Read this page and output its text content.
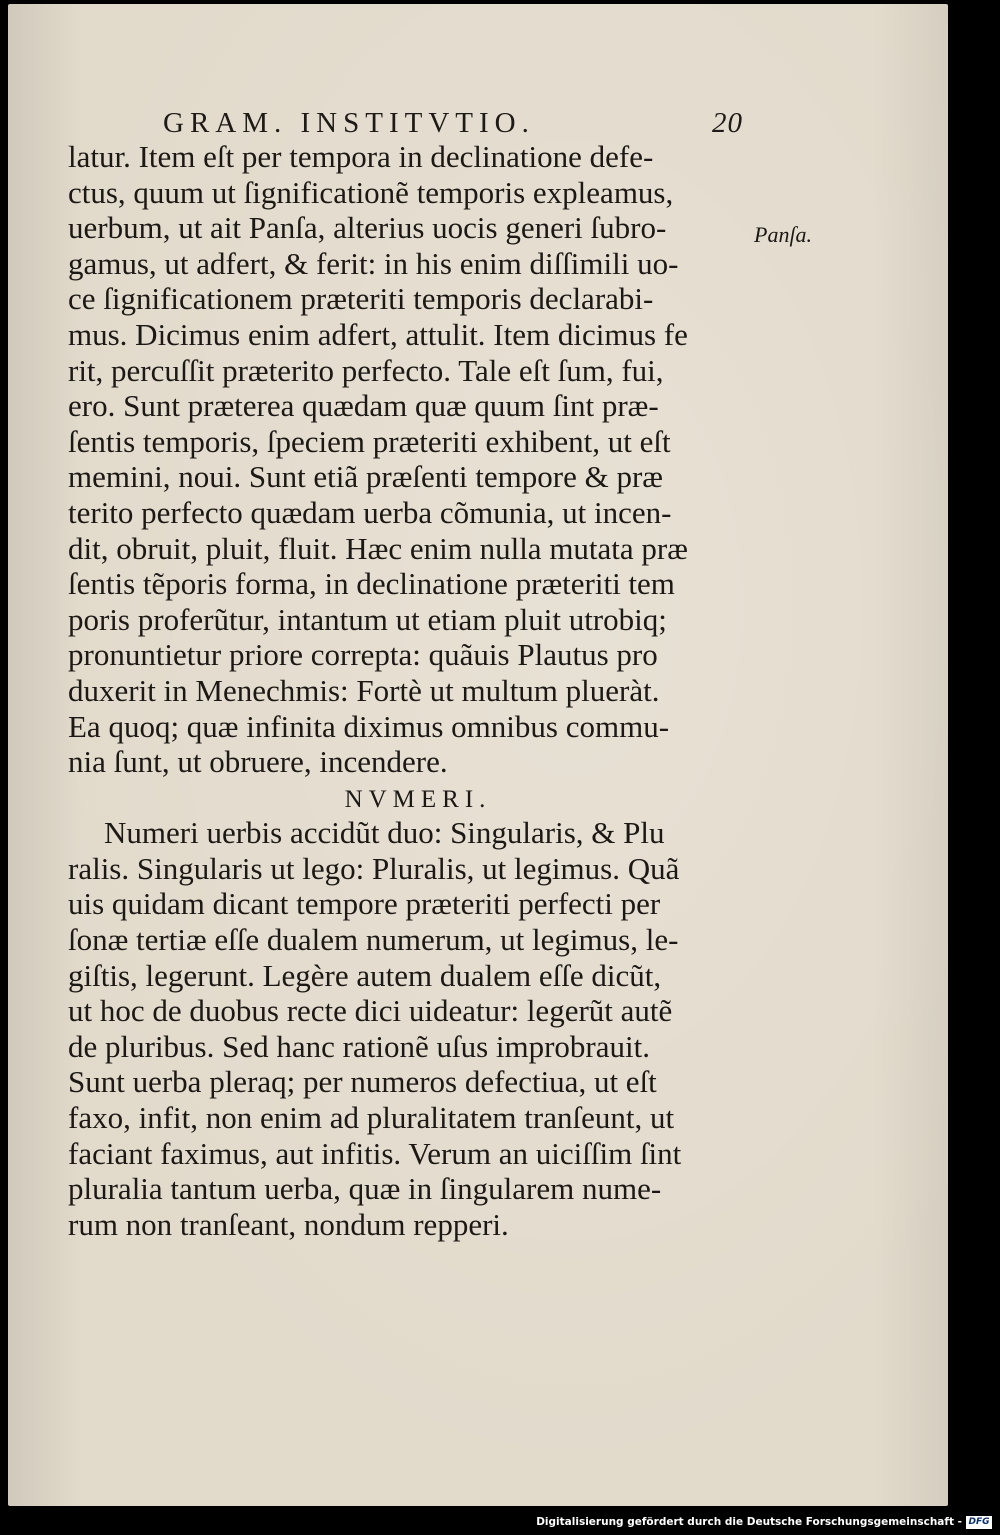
GRAM. INSTITVTIO.	20
Panſa.
latur. Item eſt per tempora in declinatione defe-
ctus, quum ut ſignificationẽ temporis expleamus,
uerbum, ut ait Panſa, alterius uocis generi ſubro-
gamus, ut adfert, & ferit: in his enim diſſimili uo-
ce ſignificationem præteriti temporis declarabi-
mus. Dicimus enim adfert, attulit. Item dicimus fe
rit, percuſſit præterito perfecto. Tale eſt ſum, fui,
ero. Sunt præterea quædam quæ quum ſint præ-
ſentis temporis, ſpeciem præteriti exhibent, ut eſt
memini, noui. Sunt etiã præſenti tempore & præ
terito perfecto quædam uerba cõmunia, ut incen-
dit, obruit, pluit, fluit. Hæc enim nulla mutata præ
ſentis tẽporis forma, in declinatione præteriti tem
poris proferũtur, intantum ut etiam pluit utrobiq;
pronuntietur priore correpta: quãuis Plautus pro
duxerit in Menechmis: Fortè ut multum plueràt.
Ea quoq; quæ infinita diximus omnibus commu-
nia ſunt, ut obruere, incendere.
NVMERI.
Numeri uerbis accidũt duo: Singularis, & Plu
ralis. Singularis ut lego: Pluralis, ut legimus. Quã
uis quidam dicant tempore præteriti perfecti per
ſonæ tertiæ eſſe dualem numerum, ut legimus, le-
giſtis, legerunt. Legère autem dualem eſſe dicũt,
ut hoc de duobus recte dici uideatur: legerũt autẽ
de pluribus. Sed hanc rationẽ uſus improbrauit.
Sunt uerba pleraq; per numeros defectiua, ut eſt
faxo, infit, non enim ad pluralitatem tranſeunt, ut
faciant faximus, aut infitis. Verum an uiciſſim ſint
pluralia tantum uerba, quæ in ſingularem nume-
rum non tranſeant, nondum repperi.
Digitalisierung gefördert durch die Deutsche Forschungsgemeinschaft - DFG
